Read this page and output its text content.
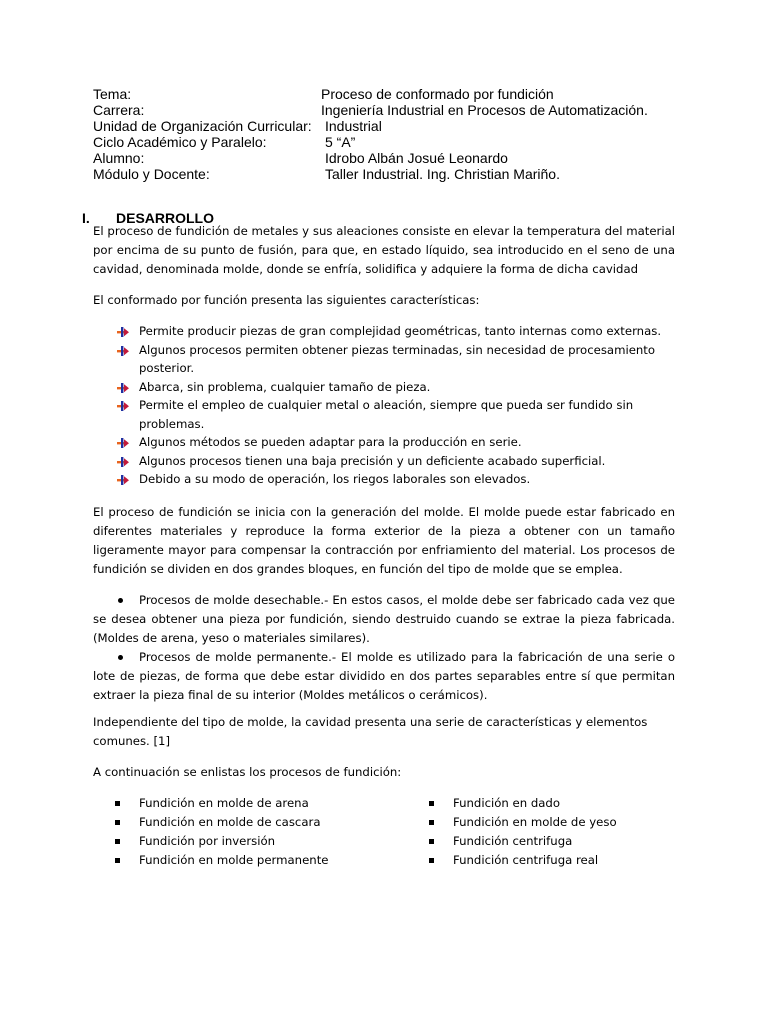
Tema:	Proceso de conformado por fundición
Carrera:	Ingeniería Industrial en Procesos de Automatización.
Unidad de Organización Curricular: Industrial
Ciclo Académico y Paralelo:	5 “A”
Alumno:	Idrobo Albán Josué Leonardo
Módulo y Docente:	Taller Industrial. Ing. Christian Mariño.
I. DESARROLLO

El proceso de fundición de metales y sus aleaciones consiste en elevar la temperatura del material

por encima de su punto de fusión, para que, en estado líquido, sea introducido en el seno de una

cavidad, denominada molde, donde se enfría, solidifica y adquiere la forma de dicha cavidad

El conformado por función presenta las siguientes características:

Permite producir piezas de gran complejidad geométricas, tanto internas como externas.
Algunos procesos permiten obtener piezas terminadas, sin necesidad de procesamiento posterior.
Abarca, sin problema, cualquier tamaño de pieza.
Permite el empleo de cualquier metal o aleación, siempre que pueda ser fundido sin problemas.
Algunos métodos se pueden adaptar para la producción en serie.
Algunos procesos tienen una baja precisión y un deficiente acabado superficial.
Debido a su modo de operación, los riegos laborales son elevados.

El proceso de fundición se inicia con la generación del molde. El molde puede estar fabricado en

diferentes materiales y reproduce la forma exterior de la pieza a obtener con un tamaño

ligeramente mayor para compensar la contracción por enfriamiento del material. Los procesos de

fundición se dividen en dos grandes bloques, en función del tipo de molde que se emplea.

Procesos de molde desechable.- En estos casos, el molde debe ser fabricado cada vez que se desea obtener una pieza por fundición, siendo destruido cuando se extrae la pieza fabricada. (Moldes de arena, yeso o materiales similares).
Procesos de molde permanente.- El molde es utilizado para la fabricación de una serie o lote de piezas, de forma que debe estar dividido en dos partes separables entre sí que permitan extraer la pieza final de su interior (Moldes metálicos o cerámicos).

Independiente del tipo de molde, la cavidad presenta una serie de características y elementos comunes. [1]

A continuación se enlistas los procesos de fundición:

Fundición en molde de arena
Fundición en molde de cascara
Fundición por inversión
Fundición en molde permanente
Fundición en dado
Fundición en molde de yeso
Fundición centrifuga
Fundición centrifuga real
